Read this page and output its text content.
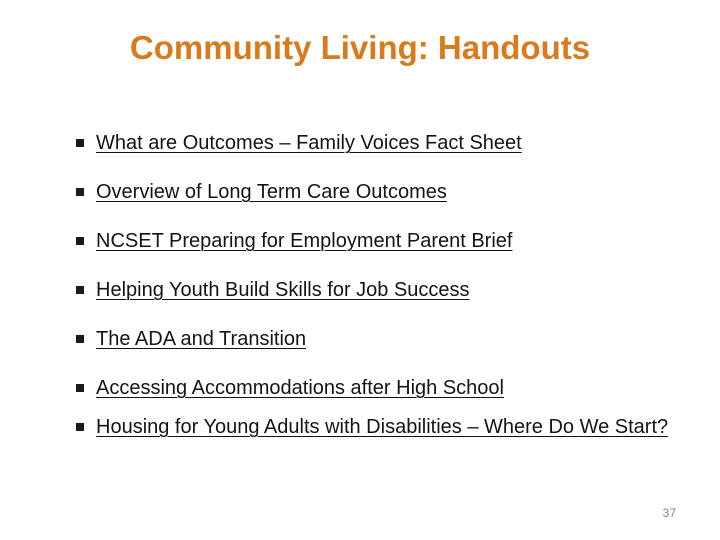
Community Living: Handouts
What are Outcomes – Family Voices Fact Sheet
Overview of Long Term Care Outcomes
NCSET Preparing for Employment Parent Brief
Helping Youth Build Skills for Job Success
The ADA and Transition
Accessing Accommodations after High School
Housing for Young Adults with Disabilities – Where Do We Start?
37
